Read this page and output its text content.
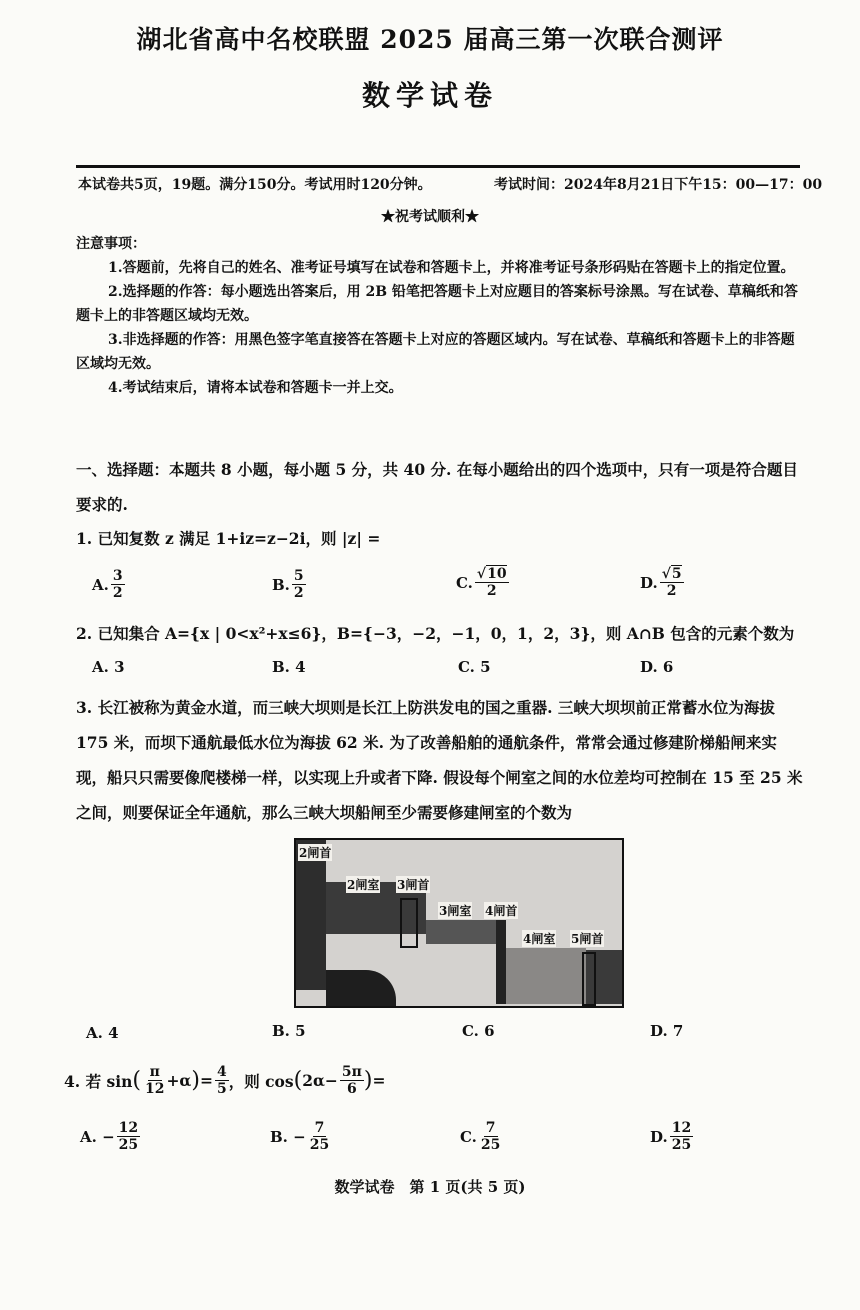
湖北省高中名校联盟 2025 届高三第一次联合测评
数学试卷
本试卷共5页，19题。满分150分。考试用时120分钟。	考试时间：2024年8月21日下午15：00—17：00
★祝考试顺利★
注意事项：

1.答题前，先将自己的姓名、准考证号填写在试卷和答题卡上，并将准考证号条形码贴在答题卡上的指定位置。

2.选择题的作答：每小题选出答案后，用 2B 铅笔把答题卡上对应题目的答案标号涂黑。写在试卷、草稿纸和答题卡上的非答题区域均无效。

3.非选择题的作答：用黑色签字笔直接答在答题卡上对应的答题区域内。写在试卷、草稿纸和答题卡上的非答题区域均无效。

4.考试结束后，请将本试卷和答题卡一并上交。

一、选择题：本题共 8 小题，每小题 5 分，共 40 分. 在每小题给出的四个选项中，只有一项是符合题目要求的.
1. 已知复数 z 满足 1+iz=z−2i，则 |z| =
A. $\frac{3}{2}$	B. $\frac{5}{2}$	C. $\frac{√10}{2}$	D. $\frac{√5}{2}$
2. 已知集合 A={x | 0<x²+x≤6}，B={−3，−2，−1，0，1，2，3}，则 A∩B 包含的元素个数为
A. 3	B. 4	C. 5	D. 6
3. 长江被称为黄金水道，而三峡大坝则是长江上防洪发电的国之重器. 三峡大坝坝前正常蓄水位为海拔 175 米，而坝下通航最低水位为海拔 62 米. 为了改善船舶的通航条件，常常会通过修建阶梯船闸来实现，船只只需要像爬楼梯一样，以实现上升或者下降. 假设每个闸室之间的水位差均可控制在 15 至 25 米之间，则要保证全年通航，那么三峡大坝船闸至少需要修建闸室的个数为
2闸首
2闸室 3闸首
3闸室 4闸首
4闸室 5闸首
A. 4	B. 5	C. 6	D. 7
4. 若 sin ( $\frac{\pi}{12} +\alpha$ ) = $\frac{4}{5}$ ，则 cos ( $2\alpha- \frac{5\pi}{6}$ ) =
A. − $\frac{12}{25}$	B. − $\frac{7}{25}$	C. $\frac{7}{25}$	D. $\frac{12}{25}$
数学试卷　第 1 页(共 5 页)
